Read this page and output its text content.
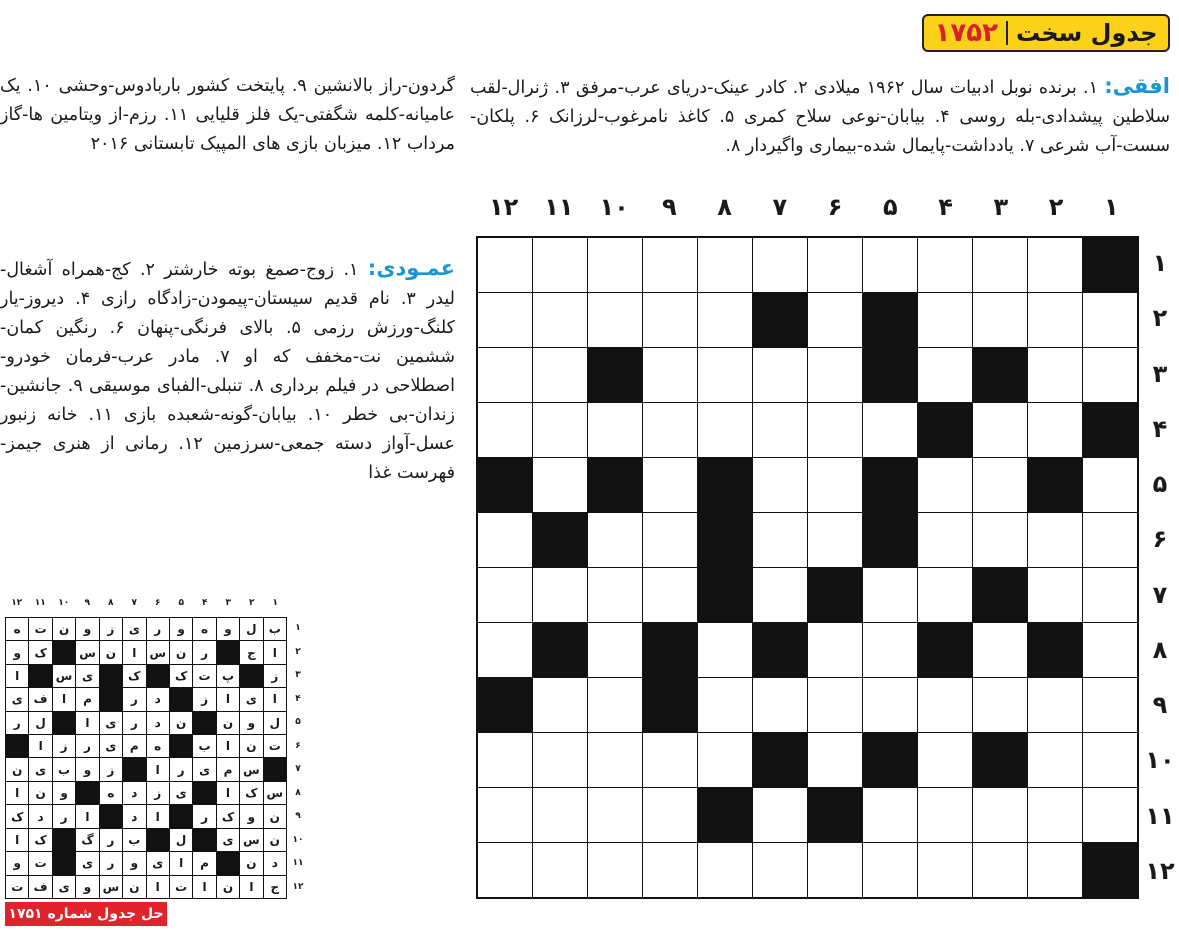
جدول سخت
۱۷۵۲
افقی: ۱. برنده نوبل ادبیات سال ۱۹۶۲ میلادی ۲. کادر عینک-دریای عرب-مرفق ۳. ژنرال-لقب سلاطین پیشدادی-بله روسی ۴. بیابان-نوعی سلاح کمری ۵. کاغذ نامرغوب-لرزانک ۶. پلکان-سست-آب شرعی ۷. یادداشت-پایمال شده-بیماری واگیردار ۸.
گردون-راز بالانشین ۹. پایتخت کشور باربادوس-وحشی ۱۰. یک عامیانه-کلمه شگفتی-یک فلز قلیایی ۱۱. رزم-از ویتامین ها-گاز مرداب ۱۲. میزبان بازی های المپیک تابستانی ۲۰۱۶
عمـودی: ۱. زوج-صمغ بوته خارشتر ۲. کج-همراه آشغال-لیدر ۳. نام قدیم سیستان-پیمودن-زادگاه رازی ۴. دیروز-یار کلنگ-ورزش رزمی ۵. بالای فرنگی-پنهان ۶. رنگین کمان-ششمین نت-مخفف که او ۷. مادر عرب-فرمان خودرو-اصطلاحی در فیلم برداری ۸. تنبلی-الفبای موسیقی ۹. جانشین-زندان-بی خطر ۱۰. بیابان-گونه-شعبده بازی ۱۱. خانه زنبور عسل-آواز دسته جمعی-سرزمین ۱۲. رمانی از هنری جیمز-فهرست غذا
۱
۲
۳
۴
۵
۶
۷
۸
۹
۱۰
۱۱
۱۲
۱
۲
۳
۴
۵
۶
۷
۸
۹
۱۰
۱۱
۱۲
۱
۲
۳
۴
۵
۶
۷
۸
۹
۱۰
۱۱
۱۲
۱
۲
۳
۴
۵
۶
۷
۸
۹
۱۰
۱۱
۱۲
ب
ل
و
ه
و
ر
ی
ز
و
ن
ت
ه
ا
ج
ر
ن
س
ا
ن
س
ک
و
ز
پ
ت
ک
ک
ی
س
ا
ا
ی
ا
ز
د
ر
م
ا
ف
ی
ل
و
ن
ن
د
ر
ی
ا
ل
ر
ت
ن
ا
ب
ه
م
ی
ر
ز
ا
س
م
ی
ر
ا
ز
و
ب
ی
ن
س
ک
ا
ی
ز
د
ه
و
ن
ا
ن
و
ک
ر
ا
د
ا
ر
د
ک
ن
س
ی
ل
ب
ر
گ
ک
ا
د
ن
م
ا
ی
و
ر
ی
ت
و
ج
ا
ن
ا
ت
ا
ن
س
و
ی
ف
ت
حل جدول شماره ۱۷۵۱
